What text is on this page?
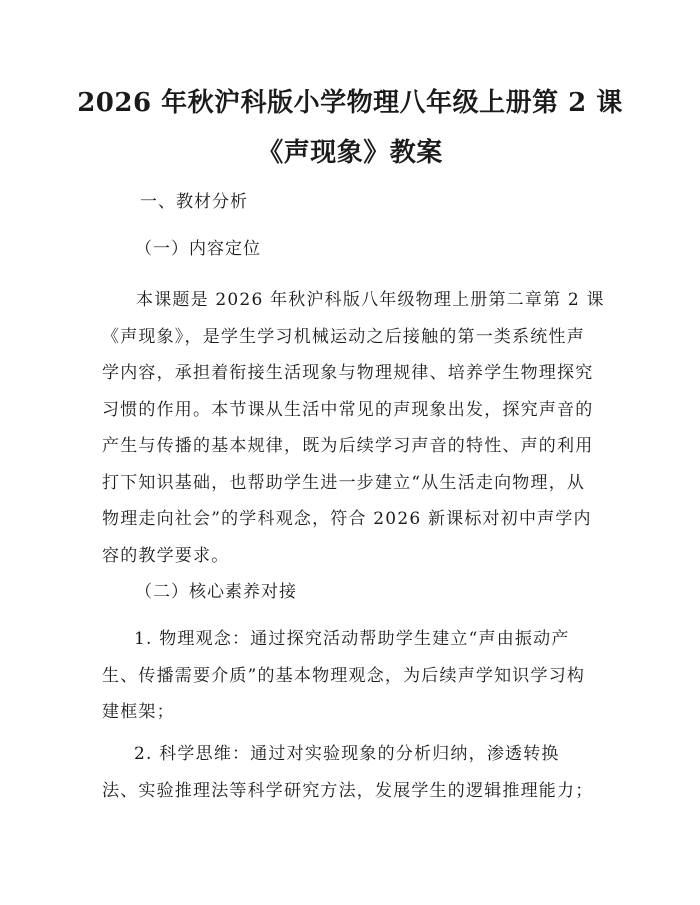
2026 年秋沪科版小学物理八年级上册第 2 课
《声现象》教案
一、教材分析
（一）内容定位
本课题是 2026 年秋沪科版八年级物理上册第二章第 2 课
《声现象》，是学生学习机械运动之后接触的第一类系统性声
学内容，承担着衔接生活现象与物理规律、培养学生物理探究
习惯的作用。本节课从生活中常见的声现象出发，探究声音的
产生与传播的基本规律，既为后续学习声音的特性、声的利用
打下知识基础，也帮助学生进一步建立“从生活走向物理，从
物理走向社会”的学科观念，符合 2026 新课标对初中声学内
容的教学要求。
（二）核心素养对接
1. 物理观念：通过探究活动帮助学生建立“声由振动产
生、传播需要介质”的基本物理观念，为后续声学知识学习构
建框架；
2. 科学思维：通过对实验现象的分析归纳，渗透转换
法、实验推理法等科学研究方法，发展学生的逻辑推理能力；
